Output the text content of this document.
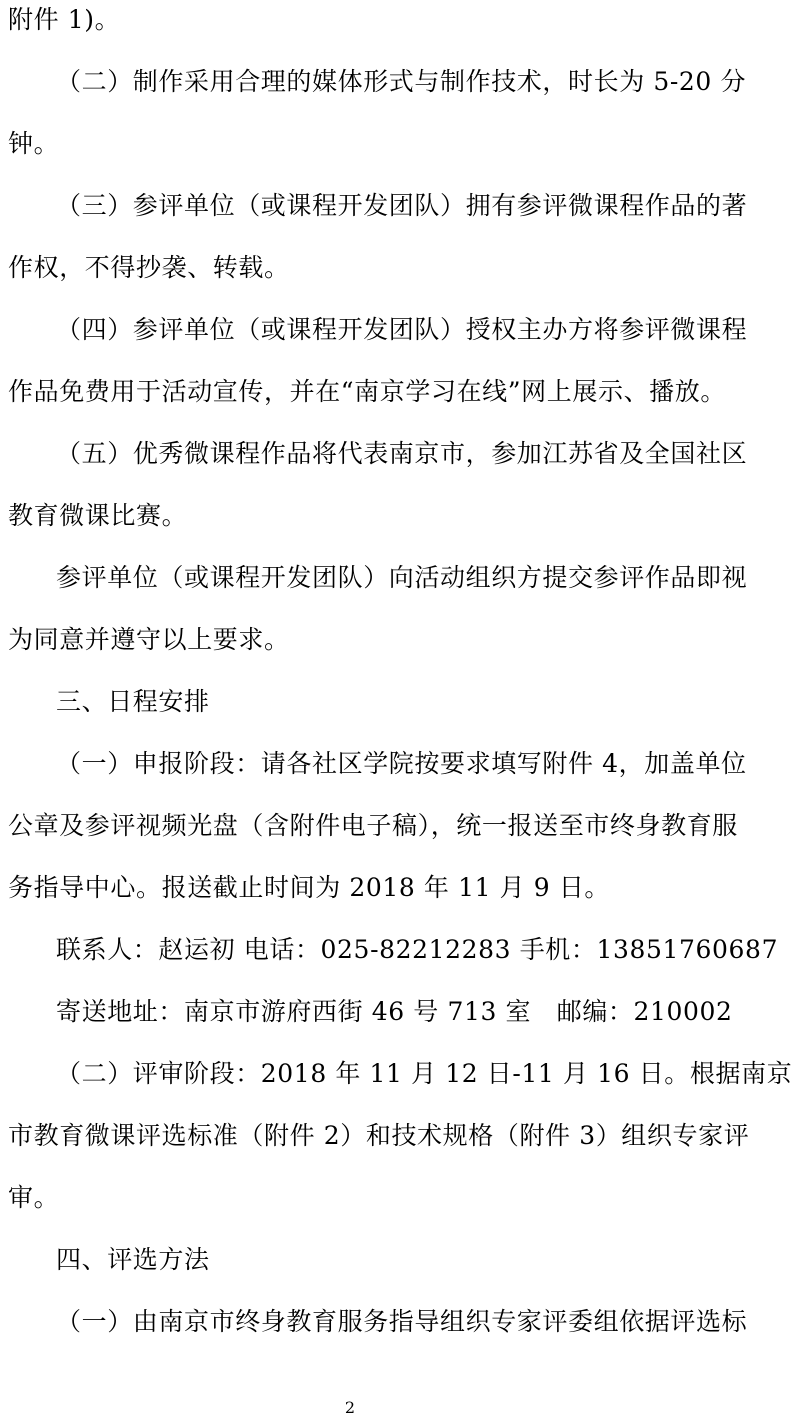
附件 1)。
（二）制作采用合理的媒体形式与制作技术，时长为 5-20 分
钟。
（三）参评单位（或课程开发团队）拥有参评微课程作品的著
作权，不得抄袭、转载。
（四）参评单位（或课程开发团队）授权主办方将参评微课程
作品免费用于活动宣传，并在“南京学习在线”网上展示、播放。
（五）优秀微课程作品将代表南京市，参加江苏省及全国社区
教育微课比赛。
参评单位（或课程开发团队）向活动组织方提交参评作品即视
为同意并遵守以上要求。
三、日程安排
（一）申报阶段：请各社区学院按要求填写附件 4，加盖单位
公章及参评视频光盘（含附件电子稿），统一报送至市终身教育服
务指导中心。报送截止时间为 2018 年 11 月 9 日。
联系人：赵运初 电话：025-82212283 手机：13851760687
寄送地址：南京市游府西街 46 号 713 室　邮编：210002
（二）评审阶段：2018 年 11 月 12 日-11 月 16 日。根据南京
市教育微课评选标准（附件 2）和技术规格（附件 3）组织专家评
审。
四、评选方法
（一）由南京市终身教育服务指导组织专家评委组依据评选标
2
